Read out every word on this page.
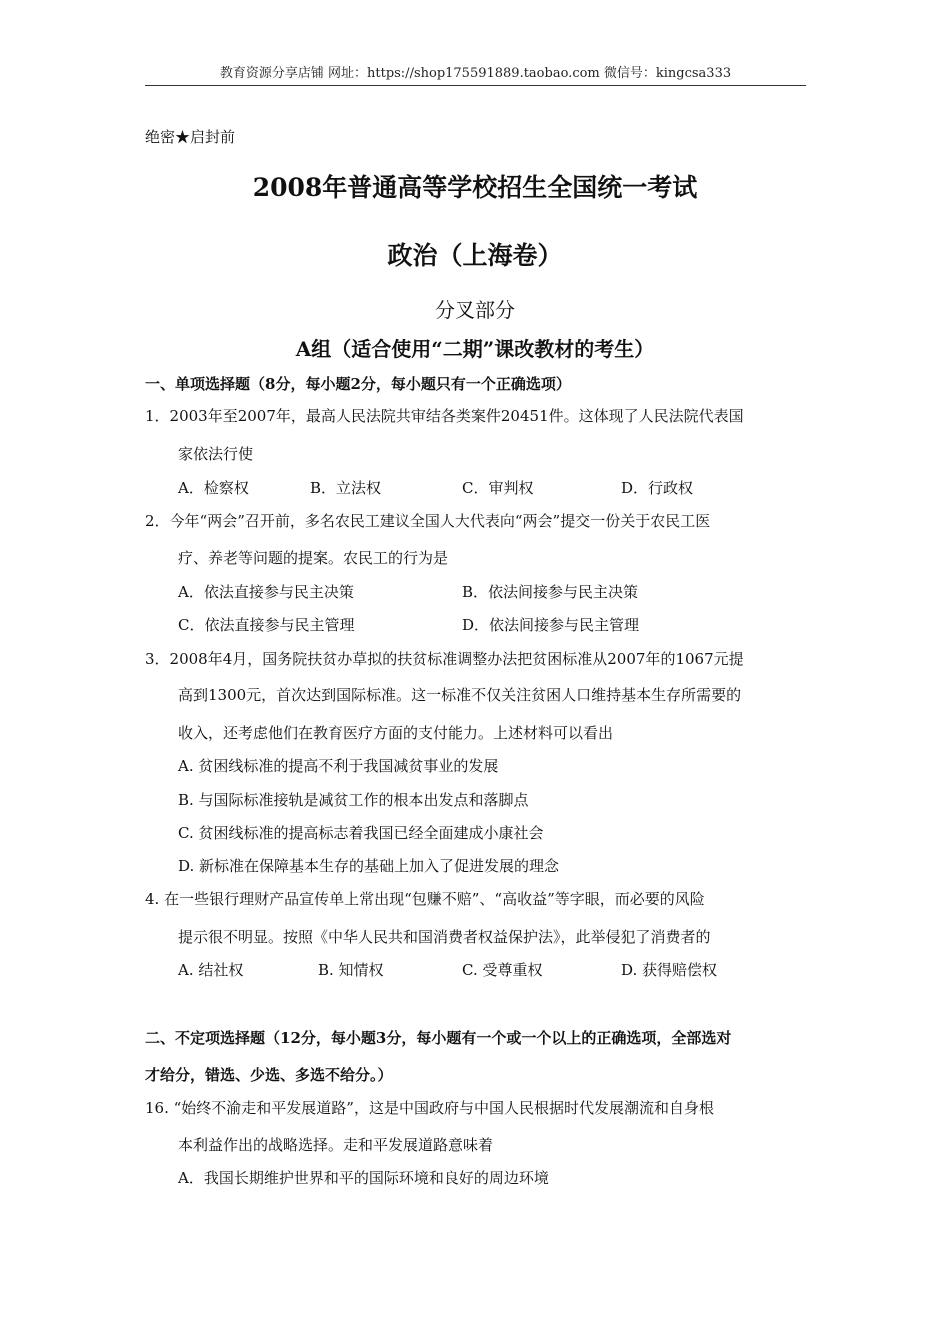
教育资源分享店铺 网址：https://shop175591889.taobao.com 微信号：kingcsa333
绝密★启封前
2008年普通高等学校招生全国统一考试
政治（上海卷）
分叉部分
A组（适合使用“二期”课改教材的考生）
一、单项选择题（8分，每小题2分，每小题只有一个正确选项）
1．2003年至2007年，最高人民法院共审结各类案件20451件。这体现了人民法院代表国
家依法行使
A．检察权	B．立法权	C．审判权	D．行政权
2．今年“两会”召开前，多名农民工建议全国人大代表向“两会”提交一份关于农民工医
疗、养老等问题的提案。农民工的行为是
A．依法直接参与民主决策	B．依法间接参与民主决策
C．依法直接参与民主管理	D．依法间接参与民主管理
3．2008年4月，国务院扶贫办草拟的扶贫标准调整办法把贫困标准从2007年的1067元提
高到1300元，首次达到国际标准。这一标准不仅关注贫困人口维持基本生存所需要的
收入，还考虑他们在教育医疗方面的支付能力。上述材料可以看出
A. 贫困线标准的提高不利于我国减贫事业的发展
B. 与国际标准接轨是减贫工作的根本出发点和落脚点
C. 贫困线标准的提高标志着我国已经全面建成小康社会
D. 新标准在保障基本生存的基础上加入了促进发展的理念
4. 在一些银行理财产品宣传单上常出现“包赚不赔”、“高收益”等字眼，而必要的风险
提示很不明显。按照《中华人民共和国消费者权益保护法》，此举侵犯了消费者的
A. 结社权	B. 知情权	C. 受尊重权	D. 获得赔偿权
二、不定项选择题（12分，每小题3分，每小题有一个或一个以上的正确选项，全部选对
才给分，错选、少选、多选不给分。）
16. “始终不渝走和平发展道路”，这是中国政府与中国人民根据时代发展潮流和自身根
本利益作出的战略选择。走和平发展道路意味着
A．我国长期维护世界和平的国际环境和良好的周边环境
